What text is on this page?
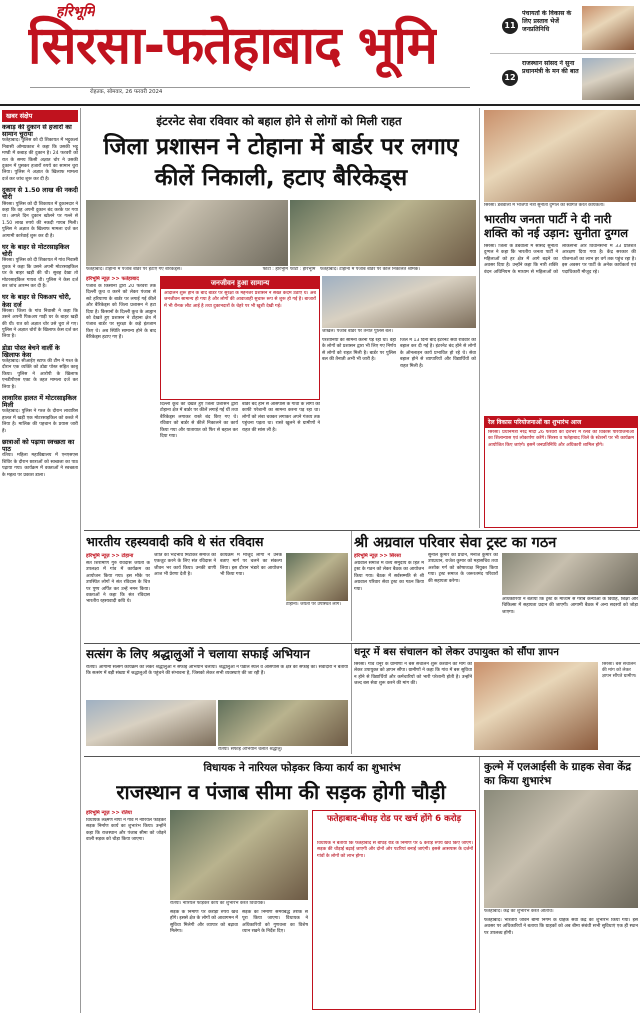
हरिभूमि
सिरसा-फतेहाबाद भूमि
रोहतक, सोमवार, 26 फरवरी 2024
11
पंचायतों के विकास के लिए प्रस्ताव भेजें जनप्रतिनिधि
12
राजस्थान सांसद ने सुना प्रधानमंत्री के मन की बात
खबर संक्षेप
कबाड़ की दुकान से हजारों का सामान चुराया
फतेहाबाद। पुलिस को दी शिकायत में भट्टूकलां निवासी ओमप्रकाश ने कहा कि उसकी भट्टू मण्डी में कबाड़ की दुकान है। 24 फरवरी को रात के समय किसी अज्ञात चोर ने उसकी दुकान में घुसकर हजारों रुपये का सामान चुरा लिया। पुलिस ने अज्ञात के खिलाफ मामला दर्ज कर जांच शुरू कर दी है।
दुकान से 1.50 लाख की नकदी चोरी
सिरसा। पुलिस को दी शिकायत में दुकानदार ने कहा कि वह अपनी दुकान बंद करके घर गया था। अगले दिन दुकान खोलने पर गल्ले से 1.50 लाख रुपये की नकदी गायब मिली। पुलिस ने अज्ञात के खिलाफ मामला दर्ज कर आगामी कार्रवाई शुरू कर दी है।
घर के बाहर से मोटरसाइकिल चोरी
सिरसा। पुलिस को दी शिकायत में गांव निवासी युवक ने कहा कि उसने अपनी मोटरसाइकिल घर के बाहर खड़ी की थी। सुबह देखा तो मोटरसाइकिल गायब थी। पुलिस ने केस दर्ज कर जांच आरम्भ कर दी है।
घर के बाहर से पिकअप चोरी, केस दर्ज
सिरसा। जिला के गांव निवासी ने कहा कि उसने अपनी पिकअप गाड़ी घर के बाहर खड़ी की थी। रात को अज्ञात चोर उसे चुरा ले गए। पुलिस ने अज्ञात चोरों के खिलाफ केस दर्ज कर लिया है।
डोडा पोस्त बेचने वालीं के खिलाफ केस
फतेहाबाद। सीआईए स्टाफ की टीम ने गश्त के दौरान एक व्यक्ति को डोडा पोस्त सहित काबू किया। पुलिस ने आरोपी के खिलाफ एनडीपीएस एक्ट के तहत मामला दर्ज कर लिया है।
लावारिस हालत में मोटरसाइकिल मिली
फतेहाबाद। पुलिस ने गश्त के दौरान लावारिस हालत में खड़ी एक मोटरसाइकिल को कब्जे में लिया है। मालिक की पहचान के प्रयास जारी हैं।
छात्राओं को पढ़ाया स्वच्छता का पाठ
रतिया। महिला महाविद्यालय में एनएसएस शिविर के दौरान छात्राओं को स्वच्छता का पाठ पढ़ाया गया। कार्यक्रम में वक्ताओं ने स्वच्छता के महत्व पर प्रकाश डाला।
इंटरनेट सेवा रविवार को बहाल होने से लोगों को मिली राहत
जिला प्रशासन ने टोहाना में बार्डर पर लगाए कीलें निकाली, हटाए बैरिकेड्स
फतेहाबाद। टोहाना में पंजाब बार्डर पर हटाए गए बैरिकेड्स।	फोटो : हरिभूमि	फतेहाबाद। टोहाना में पंजाब बार्डर पर कीलें निकालते श्रमिक।
फोटो : हरिभूमि
हरिभूमि न्यूज़ >> फतेहाबाद
पंजाब के किसानों द्वारा 20 फरवरी तक दिल्ली कूच व करने को लेकर पंजाब से सटे हरियाणा के बार्डर पर लगाई गई कीलें और बैरिकेड्स को जिला प्रशासन ने हटा दिया है। किसानों के दिल्ली कूच के आह्वान को देखते हुए प्रशासन ने टोहाना क्षेत्र में पंजाब बार्डर पर सुरक्षा के कड़े इंतजाम किए थे। अब स्थिति सामान्य होने के बाद बैरिकेड्स हटाए गए हैं।
जनजीवन हुआ सामान्य
आंदोलन शुरू होने के बाद बार्डर पर सुरक्षा के मद्देनजर प्रशासन ने सख्त कदम उठाए थे। अब जनजीवन सामान्य हो गया है और लोगों की आवाजाही सुचारू रूप से शुरू हो गई है। बाजारों में भी रौनक लौट आई है तथा दुकानदारों के चेहरे पर भी खुशी देखी गई।
जाखल। पंजाब बार्डर पर तैनात पुलिस बल।
दिल्ली कूच को देखते हुए जिला प्रशासन द्वारा टोहाना क्षेत्र में बार्डर पर कीलें लगाई गई थीं तथा बैरिकेड्स लगाकर रास्ते बंद किए गए थे। रविवार को बार्डर से कीलें निकालने का कार्य किया गया और यातायात को फिर से बहाल कर दिया गया।
बार्डर बंद होने से आसपास के गांवों के लोगों को काफी परेशानी का सामना करना पड़ रहा था। लोगों को लंबा चक्कर लगाकर अपने गंतव्य तक पहुंचना पड़ता था। रास्ते खुलने से ग्रामीणों ने राहत की सांस ली है।
परेशानियों का सामना करना पड़ रहा था। वहां के लोगों को प्रशासन द्वारा भी लिए गए निर्णय से लोगों को राहत मिली है। बार्डर पर पुलिस बल की तैनाती अभी भी जारी है।
जिले में 13 दिनों बाद इंटरनेट सेवा रविवार को बहाल कर दी गई है। इंटरनेट बंद होने से लोगों के ऑनलाइन कार्य प्रभावित हो रहे थे। सेवा बहाल होने से व्यापारियों और विद्यार्थियों को राहत मिली है।
सिरसा। डबवाली में भाजपा नेत्री सुनीता दुग्गल का स्वागत करते कार्यकर्ता।
भारतीय जनता पार्टी ने दी नारी शक्ति को नई उड़ान: सुनीता दुग्गल
सिरसा। जिला के डबवाली में सांसद सुनीता दुग्गल ने कहा कि भारतीय जनता पार्टी ने महिलाओं को हर क्षेत्र में आगे बढ़ने का अवसर दिया है। उन्होंने कहा कि नारी शक्ति वंदन अधिनियम के माध्यम से महिलाओं को लोकसभा और विधानसभा में 33 प्रतिशत आरक्षण दिया गया है। केंद्र सरकार की योजनाओं का लाभ हर वर्ग तक पहुंच रहा है। इस अवसर पर पार्टी के अनेक कार्यकर्ता एवं पदाधिकारी मौजूद रहे।
रेल विकास परियोजनाओं का शुभारंभ आज
सिरसा। प्रधानमंत्री नरेंद्र मोदी 26 फरवरी को देशभर में रेलवे की विकास परियोजनाओं का शिलान्यास एवं लोकार्पण करेंगे। सिरसा व फतेहाबाद जिले के स्टेशनों पर भी कार्यक्रम आयोजित किए जाएंगे। इसमें जनप्रतिनिधि और अधिकारी शामिल होंगे।
भारतीय रहस्यवादी कवि थे संत रविदास
टोहाना। जयंती पर उपस्थित लोग।
हरिभूमि न्यूज़ >> टोहाना
संत शिरोमणि गुरु रविदास जयंती के उपलक्ष्य में गांव में कार्यक्रम का आयोजन किया गया। इस मौके पर उपस्थित लोगों ने संत रविदास के चित्र पर पुष्प अर्पित कर उन्हें नमन किया। वक्ताओं ने कहा कि संत रविदास भारतीय रहस्यवादी कवि थे।
जाति का भेदभाव मिटाकर समाज को एकजुट करने के लिए संत रविदास ने जीवन भर कार्य किया। उनकी वाणी आज भी प्रेरणा देती है।
कार्यक्रम में मौजूद लोगों ने उनके बताए मार्ग पर चलने का संकल्प लिया। इस दौरान भंडारे का आयोजन भी किया गया।
श्री अग्रवाल परिवार सेवा ट्रस्ट का गठन
हरिभूमि न्यूज़ >> सिरसा
अग्रवाल समाज में वैश्य समुदाय के हित में ट्रस्ट के गठन को लेकर बैठक का आयोजन किया गया। बैठक में सर्वसम्मति से श्री अग्रवाल परिवार सेवा ट्रस्ट का गठन किया गया।
सुनील कुमार को प्रधान, मनोज कुमार को उपप्रधान, राजेश कुमार को महासचिव तथा अशोक गर्ग को कोषाध्यक्ष नियुक्त किया गया। ट्रस्ट समाज के जरूरतमंद परिवारों की सहायता करेगा।
अधिकारियों ने बताया कि ट्रस्ट के माध्यम से गरीब कन्याओं के विवाह, शिक्षा और चिकित्सा में सहायता प्रदान की जाएगी। आगामी बैठक में अन्य सदस्यों को जोड़ा जाएगा।
सत्संग के लिए श्रद्धालुओं ने चलाया सफाई अभियान
रतिया। आगामी सत्संग कार्यक्रम को लेकर श्रद्धालुओं ने सफाई अभियान चलाया। श्रद्धालुओं ने पंडाल स्थल व आसपास के क्षेत्र की सफाई की। सेवादारों ने बताया कि सत्संग में बड़ी संख्या में श्रद्धालुओं के पहुंचने की संभावना है, जिसको लेकर सभी व्यवस्थाएं की जा रही हैं।
रतिया। सफाई अभियान चलाते श्रद्धालु।
धनूर में बस संचालन को लेकर उपायुक्त को सौंपा ज्ञापन
सिरसा। गांव धनूर के ग्रामीणों ने बस संचालन शुरू करवाने की मांग को लेकर उपायुक्त को ज्ञापन सौंपा। ग्रामीणों ने कहा कि गांव में बस सुविधा न होने से विद्यार्थियों और कर्मचारियों को भारी परेशानी होती है। उन्होंने जल्द बस सेवा शुरू करने की मांग की।
सिरसा। बस संचालन की मांग को लेकर ज्ञापन सौंपते ग्रामीण।
विधायक ने नारियल फोड़कर किया कार्य का शुभारंभ	कुल्मे में एलआईसी के ग्राहक सेवा केंद्र का किया शुभारंभ
राजस्थान व पंजाब सीमा की सड़क होगी चौड़ी
हरिभूमि न्यूज़ >> रतिया
रतिया। नारियल फोड़कर कार्य का शुभारंभ करते विधायक।
विधायक लक्ष्मण नापा ने गांव में नारियल फोड़कर सड़क निर्माण कार्य का शुभारंभ किया। उन्होंने कहा कि राजस्थान और पंजाब सीमा को जोड़ने वाली सड़क को चौड़ा किया जाएगा।
सड़क के निर्माण पर करोड़ों रुपये खर्च होंगे। इससे क्षेत्र के लोगों को आवागमन में सुविधा मिलेगी और व्यापार को बढ़ावा मिलेगा।
सड़क का निर्माण समयबद्ध तरीके से पूरा किया जाएगा। विधायक ने अधिकारियों को गुणवत्ता का विशेष ध्यान रखने के निर्देश दिए।
फतेहाबाद-बीघड़ रोड पर खर्च होंगे 6 करोड़
विधायक ने बताया कि फतेहाबाद से बीघड़ रोड के निर्माण पर 6 करोड़ रुपये खर्च किए जाएंगे। सड़क की चौड़ाई बढ़ाई जाएगी और दोनों ओर पटरियां बनाई जाएंगी। इससे आसपास के दर्जनों गांवों के लोगों को लाभ होगा।
फतेहाबाद। केंद्र का शुभारंभ करते अतिथि।
फतेहाबाद। भारतीय जीवन बीमा निगम के ग्राहक सेवा केंद्र का शुभारंभ किया गया। इस अवसर पर अधिकारियों ने बताया कि ग्राहकों को अब बीमा संबंधी सभी सुविधाएं एक ही स्थान पर उपलब्ध होंगी।
